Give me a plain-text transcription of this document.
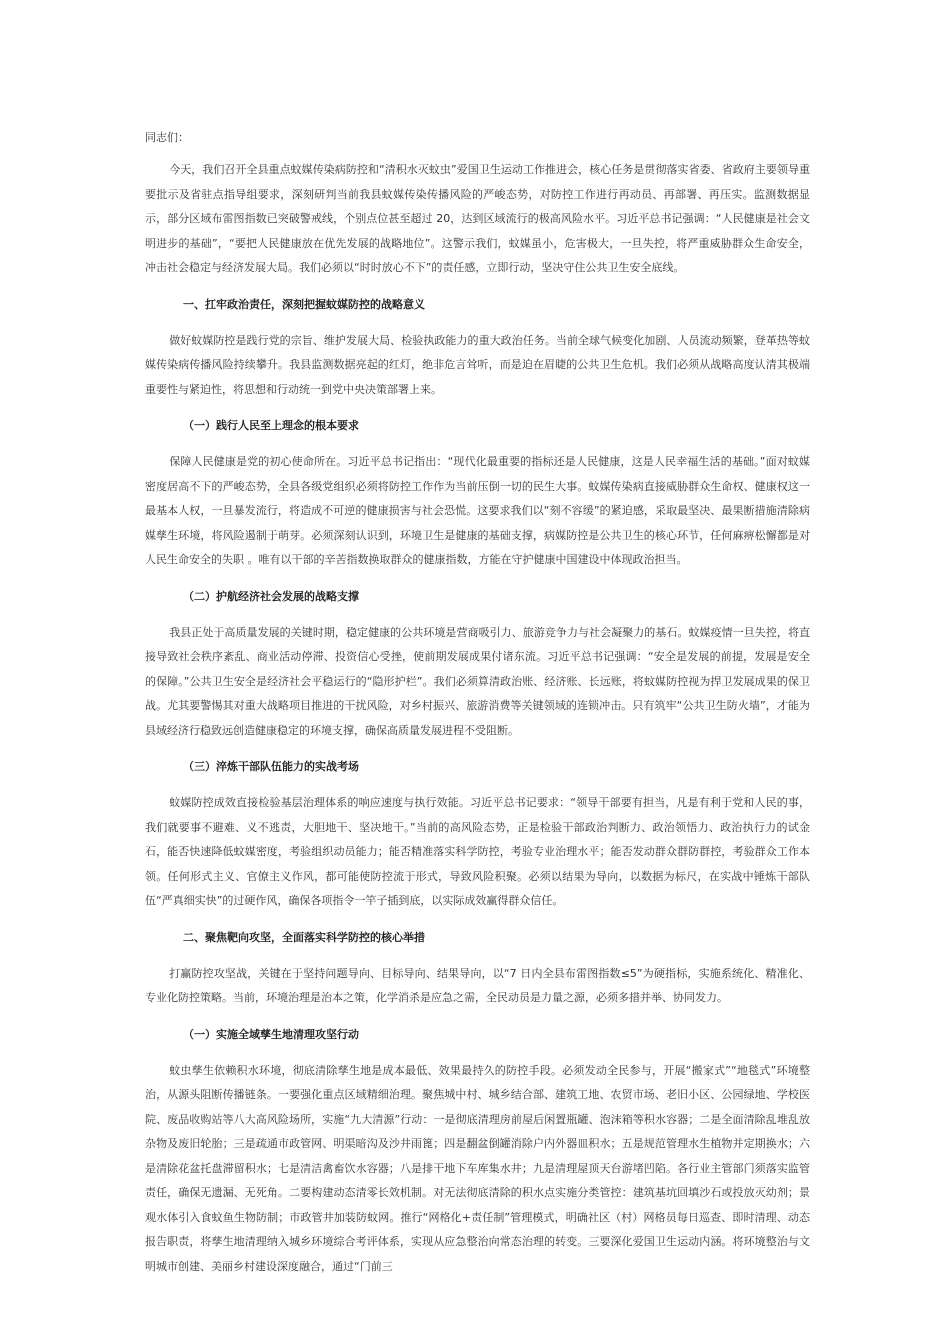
同志们：

今天，我们召开全县重点蚊媒传染病防控和“清积水灭蚊虫”爱国卫生运动工作推进会，核心任务是贯彻落实省委、省政府主要领导重要批示及省驻点指导组要求，深刻研判当前我县蚊媒传染传播风险的严峻态势，对防控工作进行再动员、再部署、再压实。监测数据显示，部分区域布雷图指数已突破警戒线，个别点位甚至超过 20，达到区域流行的极高风险水平。习近平总书记强调：“人民健康是社会文明进步的基础”，“要把人民健康放在优先发展的战略地位”。这警示我们，蚊媒虽小，危害极大，一旦失控，将严重威胁群众生命安全，冲击社会稳定与经济发展大局。我们必须以“时时放心不下”的责任感，立即行动，坚决守住公共卫生安全底线。

一、扛牢政治责任，深刻把握蚊媒防控的战略意义

做好蚊媒防控是践行党的宗旨、维护发展大局、检验执政能力的重大政治任务。当前全球气候变化加剧、人员流动频繁，登革热等蚊媒传染病传播风险持续攀升。我县监测数据亮起的红灯，绝非危言耸听，而是迫在眉睫的公共卫生危机。我们必须从战略高度认清其极端重要性与紧迫性，将思想和行动统一到党中央决策部署上来。

（一）践行人民至上理念的根本要求

保障人民健康是党的初心使命所在。习近平总书记指出：“现代化最重要的指标还是人民健康，这是人民幸福生活的基础。”面对蚊媒密度居高不下的严峻态势，全县各级党组织必须将防控工作作为当前压倒一切的民生大事。蚊媒传染病直接威胁群众生命权、健康权这一最基本人权，一旦暴发流行，将造成不可逆的健康损害与社会恐慌。这要求我们以“刻不容缓”的紧迫感，采取最坚决、最果断措施清除病媒孳生环境，将风险遏制于萌芽。必须深刻认识到，环境卫生是健康的基础支撑，病媒防控是公共卫生的核心环节，任何麻痹松懈都是对人民生命安全的失职 。唯有以干部的辛苦指数换取群众的健康指数，方能在守护健康中国建设中体现政治担当。

（二）护航经济社会发展的战略支撑

我县正处于高质量发展的关键时期，稳定健康的公共环境是营商吸引力、旅游竞争力与社会凝聚力的基石。蚊媒疫情一旦失控，将直接导致社会秩序紊乱、商业活动停滞、投资信心受挫，使前期发展成果付诸东流。习近平总书记强调：“安全是发展的前提，发展是安全的保障。”公共卫生安全是经济社会平稳运行的“隐形护栏”。我们必须算清政治账、经济账、长远账，将蚊媒防控视为捍卫发展成果的保卫战。尤其要警惕其对重大战略项目推进的干扰风险，对乡村振兴、旅游消费等关键领域的连锁冲击。只有筑牢“公共卫生防火墙”，才能为县域经济行稳致远创造健康稳定的环境支撑，确保高质量发展进程不受阻断。

（三）淬炼干部队伍能力的实战考场

蚊媒防控成效直接检验基层治理体系的响应速度与执行效能。习近平总书记要求：“领导干部要有担当，凡是有利于党和人民的事，我们就要事不避难、义不逃责，大胆地干、坚决地干。”当前的高风险态势，正是检验干部政治判断力、政治领悟力、政治执行力的试金石，能否快速降低蚊媒密度，考验组织动员能力；能否精准落实科学防控，考验专业治理水平；能否发动群众群防群控，考验群众工作本领。任何形式主义、官僚主义作风，都可能使防控流于形式，导致风险积聚。必须以结果为导向，以数据为标尺，在实战中锤炼干部队伍“严真细实快”的过硬作风，确保各项指令一竿子插到底，以实际成效赢得群众信任。

二、聚焦靶向攻坚，全面落实科学防控的核心举措

打赢防控攻坚战，关键在于坚持问题导向、目标导向、结果导向，以“7 日内全县布雷图指数≤5”为硬指标，实施系统化、精准化、专业化防控策略。当前，环境治理是治本之策，化学消杀是应急之需，全民动员是力量之源，必须多措并举、协同发力。

（一）实施全域孳生地清理攻坚行动

蚊虫孳生依赖积水环境，彻底清除孳生地是成本最低、效果最持久的防控手段。必须发动全民参与，开展“搬家式”“地毯式”环境整治，从源头阻断传播链条。一要强化重点区域精细治理。聚焦城中村、城乡结合部、建筑工地、农贸市场、老旧小区、公园绿地、学校医院、废品收购站等八大高风险场所，实施“九大清源”行动：一是彻底清理房前屋后闲置瓶罐、泡沫箱等积水容器；二是全面清除乱堆乱放杂物及废旧轮胎；三是疏通市政管网、明渠暗沟及沙井雨篦；四是翻盆倒罐消除户内外器皿积水；五是规范管理水生植物并定期换水；六是清除花盆托盘滞留积水；七是清洁禽畜饮水容器；八是排干地下车库集水井；九是清理屋顶天台游堵凹陷。各行业主管部门须落实监管责任，确保无遗漏、无死角。二要构建动态清零长效机制。对无法彻底清除的积水点实施分类管控：建筑基坑回填沙石或投放灭幼剂；景观水体引入食蚊鱼生物防制；市政管井加装防蚊网。推行“网格化+责任制”管理模式，明确社区（村）网格员每日巡查、即时清理、动态报告职责，将孳生地清理纳入城乡环境综合考评体系，实现从应急整治向常态治理的转变。三要深化爱国卫生运动内涵。将环境整治与文明城市创建、美丽乡村建设深度融合，通过“门前三
